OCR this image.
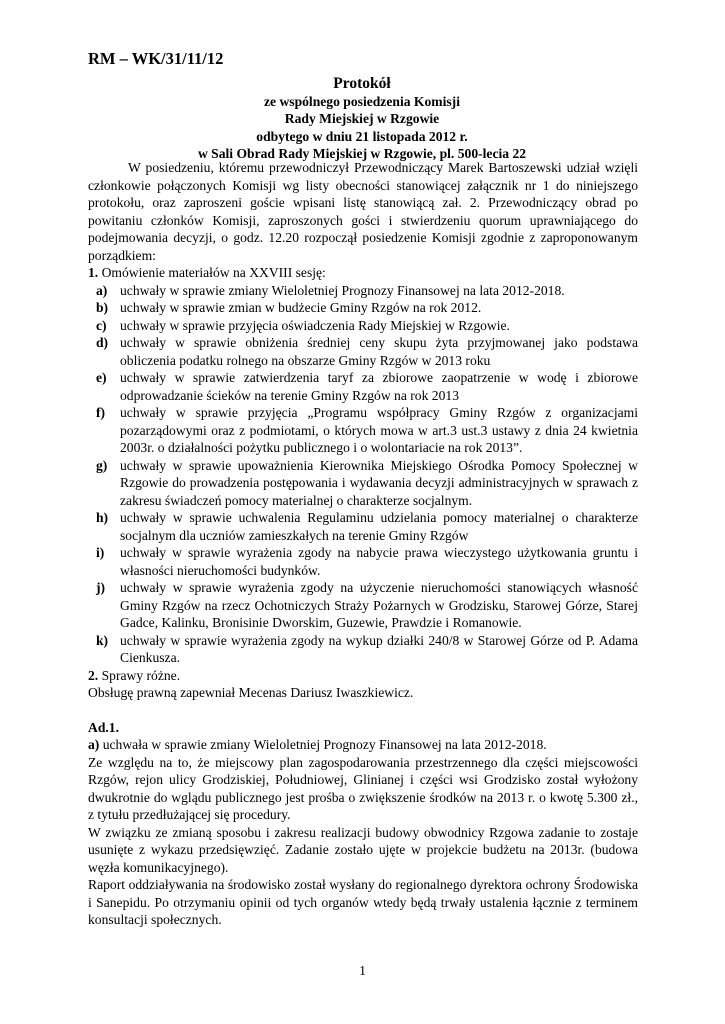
RM – WK/31/11/12
Protokół
ze wspólnego posiedzenia Komisji
Rady Miejskiej w Rzgowie
odbytego w dniu 21 listopada 2012 r.
w Sali Obrad Rady Miejskiej w Rzgowie, pl. 500-lecia 22

W posiedzeniu, któremu przewodniczył Przewodniczący Marek Bartoszewski udział wzięli członkowie połączonych Komisji wg listy obecności stanowiącej załącznik nr 1 do niniejszego protokołu, oraz zaproszeni goście wpisani listę stanowiącą zał. 2. Przewodniczący obrad po powitaniu członków Komisji, zaproszonych gości i stwierdzeniu quorum uprawniającego do podejmowania decyzji, o godz. 12.20 rozpoczął posiedzenie Komisji zgodnie z zaproponowanym porządkiem:

1. Omówienie materiałów na XXVIII sesję:

a) uchwały w sprawie zmiany Wieloletniej Prognozy Finansowej na lata 2012-2018.
b) uchwały w sprawie zmian w budżecie Gminy Rzgów na rok 2012.
c) uchwały w sprawie przyjęcia oświadczenia Rady Miejskiej w Rzgowie.
d) uchwały w sprawie obniżenia średniej ceny skupu żyta przyjmowanej jako podstawa obliczenia podatku rolnego na obszarze Gminy Rzgów w 2013 roku
e) uchwały w sprawie zatwierdzenia taryf za zbiorowe zaopatrzenie w wodę i zbiorowe odprowadzanie ścieków na terenie Gminy Rzgów na rok 2013
f) uchwały w sprawie przyjęcia „Programu współpracy Gminy Rzgów z organizacjami pozarządowymi oraz z podmiotami, o których mowa w art.3 ust.3 ustawy z dnia 24 kwietnia 2003r. o działalności pożytku publicznego i o wolontariacie na rok 2013”.
g) uchwały w sprawie upoważnienia Kierownika Miejskiego Ośrodka Pomocy Społecznej w Rzgowie do prowadzenia postępowania i wydawania decyzji administracyjnych w sprawach z zakresu świadczeń pomocy materialnej o charakterze socjalnym.
h) uchwały w sprawie uchwalenia Regulaminu udzielania pomocy materialnej o charakterze socjalnym dla uczniów zamieszkałych na terenie Gminy Rzgów
i) uchwały w sprawie wyrażenia zgody na nabycie prawa wieczystego użytkowania gruntu i własności nieruchomości budynków.
j) uchwały w sprawie wyrażenia zgody na użyczenie nieruchomości stanowiących własność Gminy Rzgów na rzecz Ochotniczych Straży Pożarnych w Grodzisku, Starowej Górze, Starej Gadce, Kalinku, Bronisinie Dworskim, Guzewie, Prawdzie i Romanowie.
k) uchwały w sprawie wyrażenia zgody na wykup działki 240/8 w Starowej Górze od P. Adama Cienkusza.

2. Sprawy różne.

Obsługę prawną zapewniał Mecenas Dariusz Iwaszkiewicz.

Ad.1.

a) uchwała w sprawie zmiany Wieloletniej Prognozy Finansowej na lata 2012-2018.

Ze względu na to, że miejscowy plan zagospodarowania przestrzennego dla części miejscowości Rzgów, rejon ulicy Grodziskiej, Południowej, Glinianej i części wsi Grodzisko został wyłożony dwukrotnie do wglądu publicznego jest prośba o zwiększenie środków na 2013 r. o kwotę 5.300 zł., z tytułu przedłużającej się procedury.

W związku ze zmianą sposobu i zakresu realizacji budowy obwodnicy Rzgowa zadanie to zostaje usunięte z wykazu przedsięwzięć. Zadanie zostało ujęte w projekcie budżetu na 2013r. (budowa węzła komunikacyjnego).

Raport oddziaływania na środowisko został wysłany do regionalnego dyrektora ochrony Środowiska i Sanepidu. Po otrzymaniu opinii od tych organów wtedy będą trwały ustalenia łącznie z terminem konsultacji społecznych.

1
